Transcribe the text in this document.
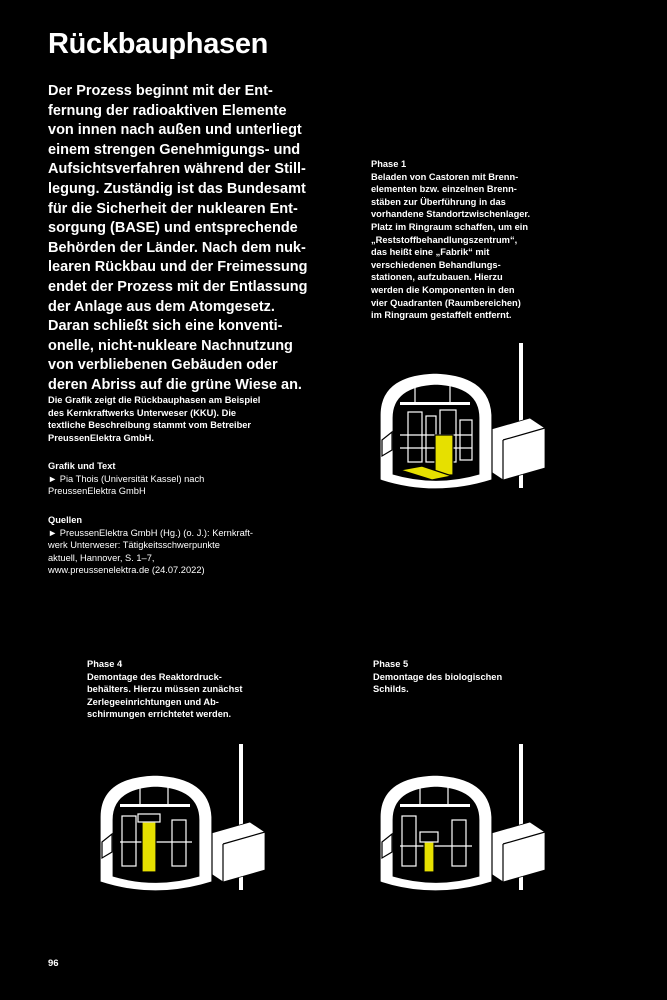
Rückbauphasen

Der Prozess beginnt mit der Ent-
fernung der radioaktiven Elemente
von innen nach außen und unterliegt
einem strengen Genehmigungs- und
Aufsichtsverfahren während der Still-
legung. Zuständig ist das Bundesamt
für die Sicherheit der nuklearen Ent-
sorgung (BASE) und entsprechende
Behörden der Länder. Nach dem nuk-
learen Rückbau und der Freimessung
endet der Prozess mit der Entlassung
der Anlage aus dem Atomgesetz.
Daran schließt sich eine konventi-
onelle, nicht-nukleare Nachnutzung
von verbliebenen Gebäuden oder
deren Abriss auf die grüne Wiese an.

Die Grafik zeigt die Rückbauphasen am Beispiel
des Kernkraftwerks Unterweser (KKU). Die
textliche Beschreibung stammt vom Betreiber
PreussenElektra GmbH.

Grafik und Text
► Pia Thois (Universität Kassel) nach
PreussenElektra GmbH
Quellen
► PreussenElektra GmbH (Hg.) (o. J.): Kernkraft-
werk Unterweser: Tätigkeitsschwerpunkte
aktuell, Hannover, S. 1–7,
www.preussenelektra.de (24.07.2022)
Phase 1
Beladen von Castoren mit Brenn-
elementen bzw. einzelnen Brenn-
stäben zur Überführung in das
vorhandene Standortzwischenlager.
Platz im Ringraum schaffen, um ein
„Reststoffbehandlungszentrum“,
das heißt eine „Fabrik“ mit
verschiedenen Behandlungs-
stationen, aufzubauen. Hierzu
werden die Komponenten in den
vier Quadranten (Raumbereichen)
im Ringraum gestaffelt entfernt.
Phase 4
Demontage des Reaktordruck-
behälters. Hierzu müssen zunächst
Zerlegeeinrichtungen und Ab-
schirmungen errichtetet werden.
Phase 5
Demontage des biologischen
Schilds.
96
